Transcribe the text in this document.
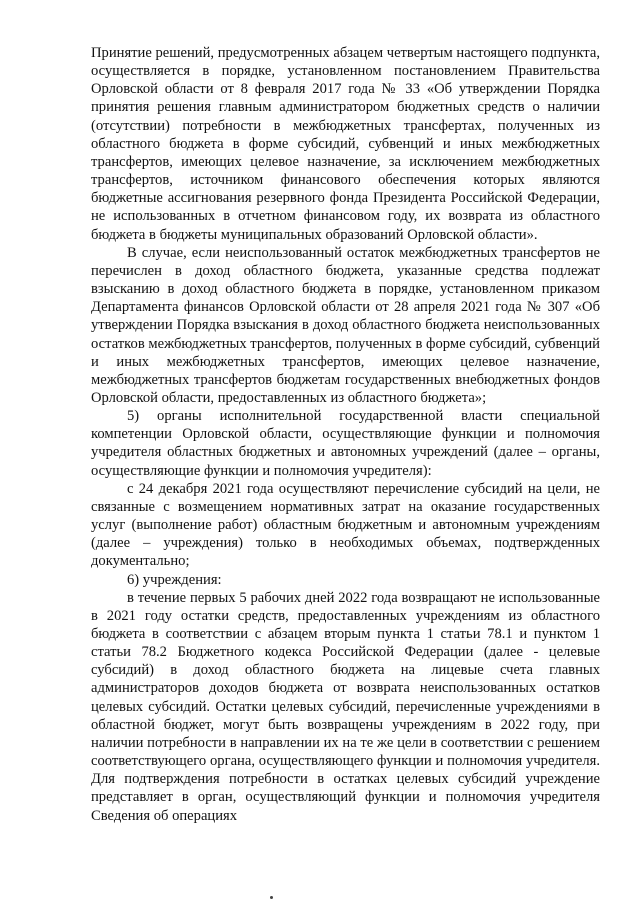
Принятие решений, предусмотренных абзацем четвертым настоящего подпункта, осуществляется в порядке, установленном постановлением Правительства Орловской области от 8 февраля 2017 года № 33 «Об утверждении Порядка принятия решения главным администратором бюджетных средств о наличии (отсутствии) потребности в межбюджетных трансфертах, полученных из областного бюджета в форме субсидий, субвенций и иных межбюджетных трансфертов, имеющих целевое назначение, за исключением межбюджетных трансфертов, источником финансового обеспечения которых являются бюджетные ассигнования резервного фонда Президента Российской Федерации, не использованных в отчетном финансовом году, их возврата из областного бюджета в бюджеты муниципальных образований Орловской области».

В случае, если неиспользованный остаток межбюджетных трансфертов не перечислен в доход областного бюджета, указанные средства подлежат взысканию в доход областного бюджета в порядке, установленном приказом Департамента финансов Орловской области от 28 апреля 2021 года № 307 «Об утверждении Порядка взыскания в доход областного бюджета неиспользованных остатков межбюджетных трансфертов, полученных в форме субсидий, субвенций и иных межбюджетных трансфертов, имеющих целевое назначение, межбюджетных трансфертов бюджетам государственных внебюджетных фондов Орловской области, предоставленных из областного бюджета»;

5) органы исполнительной государственной власти специальной компетенции Орловской области, осуществляющие функции и полномочия учредителя областных бюджетных и автономных учреждений (далее – органы, осуществляющие функции и полномочия учредителя):

с 24 декабря 2021 года осуществляют перечисление субсидий на цели, не связанные с возмещением нормативных затрат на оказание государственных услуг (выполнение работ) областным бюджетным и автономным учреждениям (далее – учреждения) только в необходимых объемах, подтвержденных документально;

6) учреждения:

в течение первых 5 рабочих дней 2022 года возвращают не использованные в 2021 году остатки средств, предоставленных учреждениям из областного бюджета в соответствии с абзацем вторым пункта 1 статьи 78.1 и пунктом 1 статьи 78.2 Бюджетного кодекса Российской Федерации (далее - целевые субсидий) в доход областного бюджета на лицевые счета главных администраторов доходов бюджета от возврата неиспользованных остатков целевых субсидий. Остатки целевых субсидий, перечисленные учреждениями в областной бюджет, могут быть возвращены учреждениям в 2022 году, при наличии потребности в направлении их на те же цели в соответствии с решением соответствующего органа, осуществляющего функции и полномочия учредителя. Для подтверждения потребности в остатках целевых субсидий учреждение представляет в орган, осуществляющий функции и полномочия учредителя Сведения об операциях
